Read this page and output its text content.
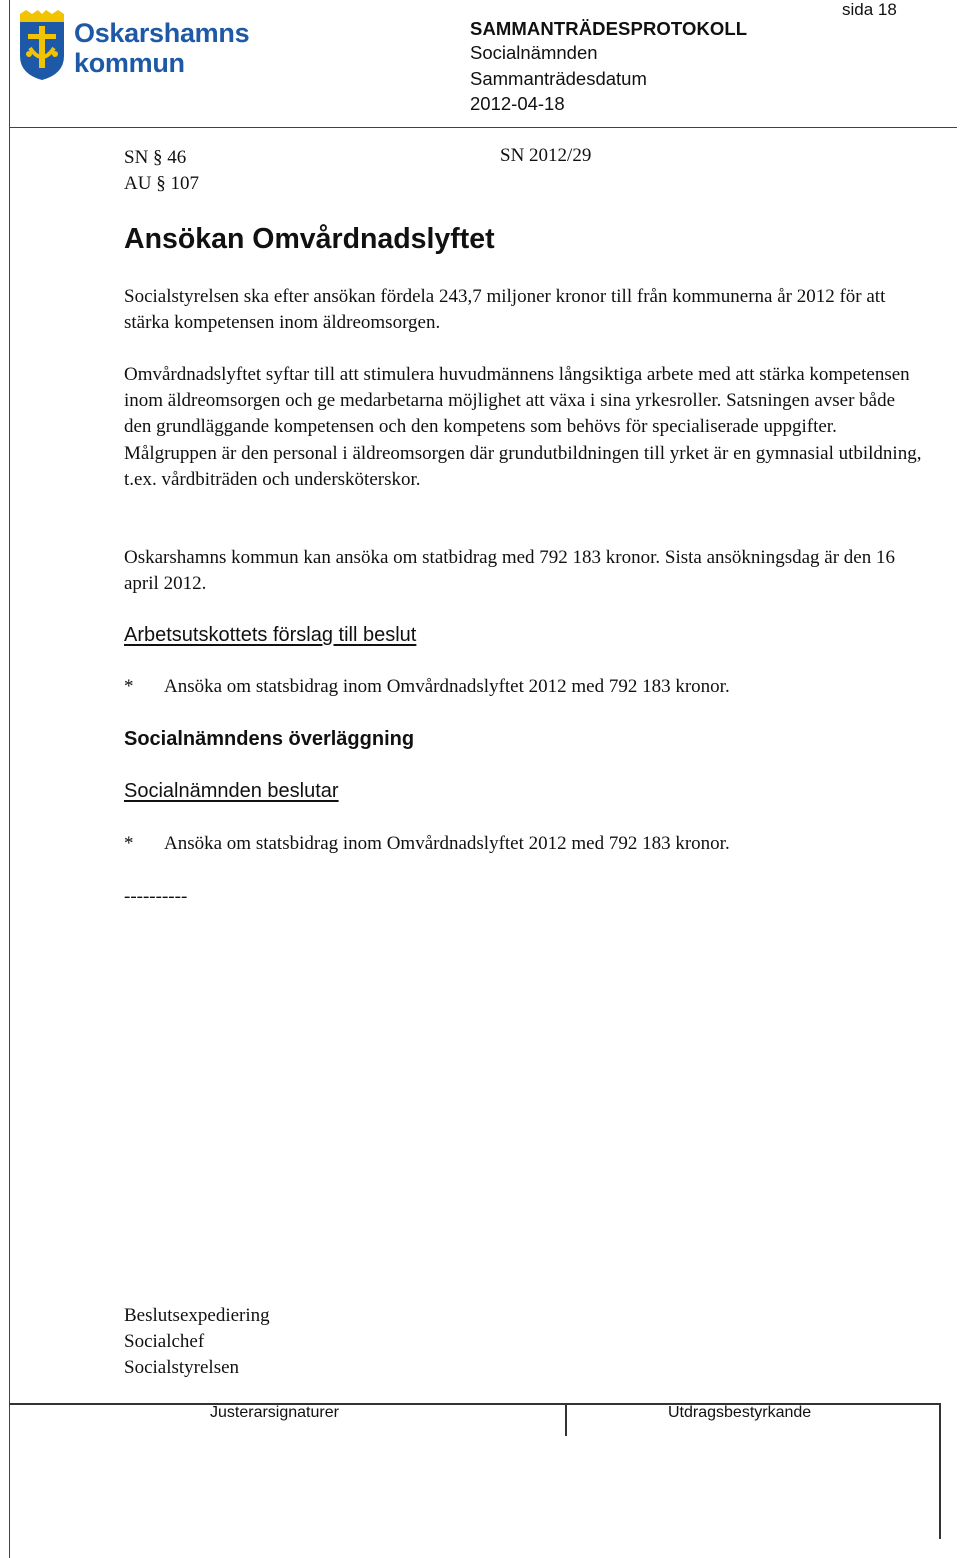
Oskarshamns
kommun
sida 18
SAMMANTRÄDESPROTOKOLL
Socialnämnden
Sammanträdesdatum
2012-04-18
SN § 46
AU § 107
SN 2012/29
Ansökan Omvårdnadslyftet
Socialstyrelsen ska efter ansökan fördela 243,7 miljoner kronor till från kommunerna år 2012 för att stärka kompetensen inom äldreomsorgen.
Omvårdnadslyftet syftar till att stimulera huvudmännens långsiktiga arbete med att stärka kompetensen inom äldreomsorgen och ge medarbetarna möjlighet att växa i sina yrkesroller. Satsningen avser både den grundläggande kompetensen och den kompetens som behövs för specialiserade uppgifter. Målgruppen är den personal i äldreomsorgen där grundutbildningen till yrket är en gymnasial utbildning, t.ex. vårdbiträden och undersköterskor.
Oskarshamns kommun kan ansöka om statbidrag med 792 183 kronor. Sista ansökningsdag är den 16 april 2012.
Arbetsutskottets förslag till beslut
* Ansöka om statsbidrag inom Omvårdnadslyftet 2012 med 792 183 kronor.
Socialnämndens överläggning
Socialnämnden beslutar
* Ansöka om statsbidrag inom Omvårdnadslyftet 2012 med 792 183 kronor.
----------
Beslutsexpediering
Socialchef
Socialstyrelsen
Justerarsignaturer	Utdragsbestyrkande
